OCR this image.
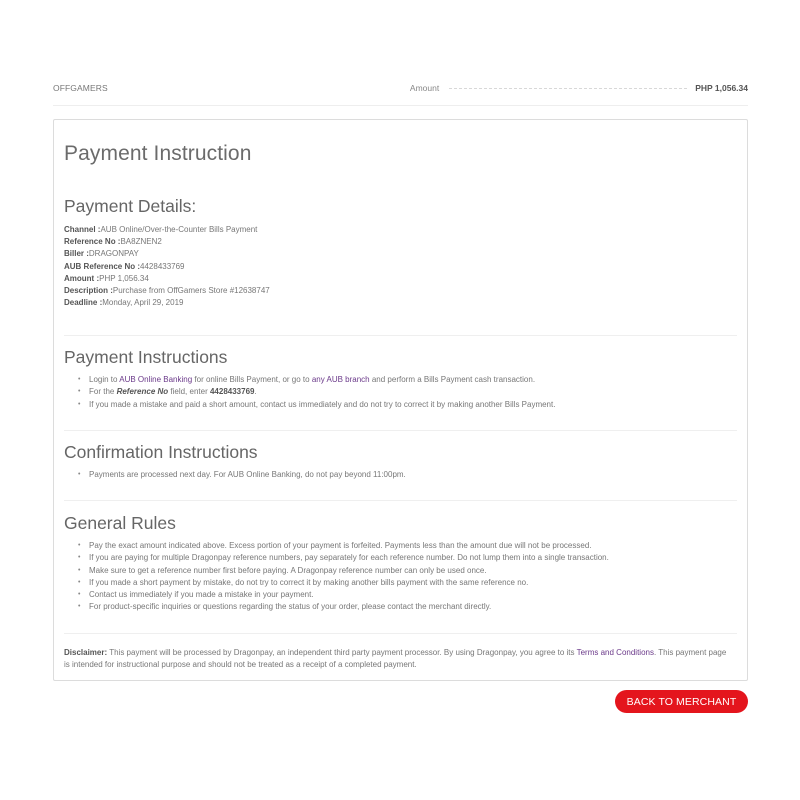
OFFGAMERS	Amount	PHP 1,056.34
Payment Instruction
Payment Details:
Channel :AUB Online/Over-the-Counter Bills Payment
Reference No :BA8ZNEN2
Biller :DRAGONPAY
AUB Reference No :4428433769
Amount :PHP 1,056.34
Description :Purchase from OffGamers Store #12638747
Deadline :Monday, April 29, 2019
Payment Instructions
• Login to AUB Online Banking for online Bills Payment, or go to any AUB branch and perform a Bills Payment cash transaction.
• For the Reference No field, enter 4428433769.
• If you made a mistake and paid a short amount, contact us immediately and do not try to correct it by making another Bills Payment.
Confirmation Instructions
• Payments are processed next day. For AUB Online Banking, do not pay beyond 11:00pm.
General Rules
• Pay the exact amount indicated above. Excess portion of your payment is forfeited. Payments less than the amount due will not be processed.
• If you are paying for multiple Dragonpay reference numbers, pay separately for each reference number. Do not lump them into a single transaction.
• Make sure to get a reference number first before paying. A Dragonpay reference number can only be used once.
• If you made a short payment by mistake, do not try to correct it by making another bills payment with the same reference no.
• Contact us immediately if you made a mistake in your payment.
• For product-specific inquiries or questions regarding the status of your order, please contact the merchant directly.

Disclaimer: This payment will be processed by Dragonpay, an independent third party payment processor. By using Dragonpay, you agree to its Terms and Conditions. This payment page is intended for instructional purpose and should not be treated as a receipt of a completed payment.

BACK TO MERCHANT
